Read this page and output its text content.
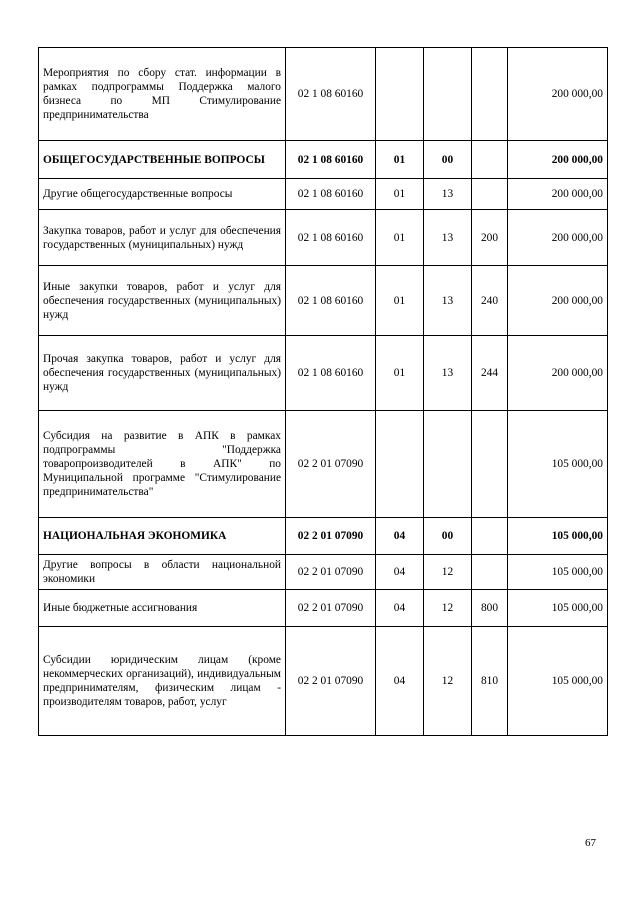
Мероприятия по сбору стат. информации в рамках подпрограммы Поддержка малого бизнеса по МП Стимулирование предпринимательства	02 1 08 60160				200 000,00
ОБЩЕГОСУДАРСТВЕННЫЕ ВОПРОСЫ	02 1 08 60160	01	00		200 000,00
Другие общегосударственные вопросы	02 1 08 60160	01	13		200 000,00
Закупка товаров, работ и услуг для обеспечения государственных (муниципальных) нужд	02 1 08 60160	01	13	200	200 000,00
Иные закупки товаров, работ и услуг для обеспечения государственных (муниципальных) нужд	02 1 08 60160	01	13	240	200 000,00
Прочая закупка товаров, работ и услуг для обеспечения государственных (муниципальных) нужд	02 1 08 60160	01	13	244	200 000,00
Субсидия на развитие в АПК в рамках подпрограммы "Поддержка товаропроизводителей в АПК" по Муниципальной программе "Стимулирование предпринимательства"	02 2 01 07090				105 000,00
НАЦИОНАЛЬНАЯ ЭКОНОМИКА	02 2 01 07090	04	00		105 000,00
Другие вопросы в области национальной экономики	02 2 01 07090	04	12		105 000,00
Иные бюджетные ассигнования	02 2 01 07090	04	12	800	105 000,00
Субсидии юридическим лицам (кроме некоммерческих организаций), индивидуальным предпринимателям, физическим лицам - производителям товаров, работ, услуг	02 2 01 07090	04	12	810	105 000,00
67
